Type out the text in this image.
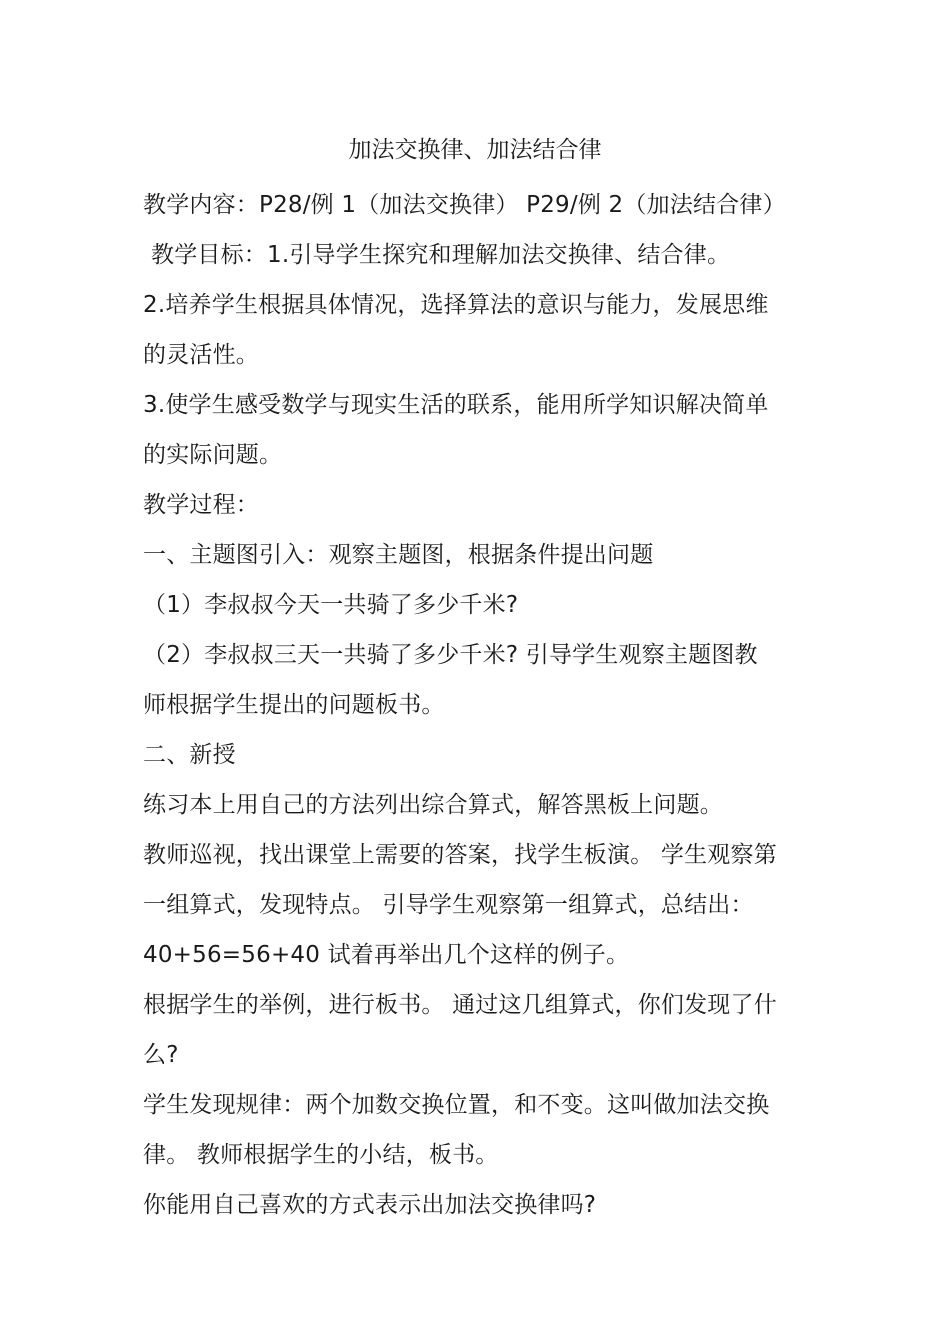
加法交换律、加法结合律
教学内容：P28/例 1（加法交换律） P29/例 2（加法结合律）
教学目标：1.引导学生探究和理解加法交换律、结合律。
2.培养学生根据具体情况，选择算法的意识与能力，发展思维
的灵活性。
3.使学生感受数学与现实生活的联系，能用所学知识解决简单
的实际问题。
教学过程：
一、主题图引入：观察主题图，根据条件提出问题
（1）李叔叔今天一共骑了多少千米?
（2）李叔叔三天一共骑了多少千米? 引导学生观察主题图教
师根据学生提出的问题板书。
二、新授
练习本上用自己的方法列出综合算式，解答黑板上问题。
教师巡视，找出课堂上需要的答案，找学生板演。 学生观察第
一组算式，发现特点。 引导学生观察第一组算式，总结出：
40+56=56+40 试着再举出几个这样的例子。
根据学生的举例，进行板书。 通过这几组算式，你们发现了什
么?
学生发现规律：两个加数交换位置，和不变。这叫做加法交换
律。 教师根据学生的小结，板书。
你能用自己喜欢的方式表示出加法交换律吗?
